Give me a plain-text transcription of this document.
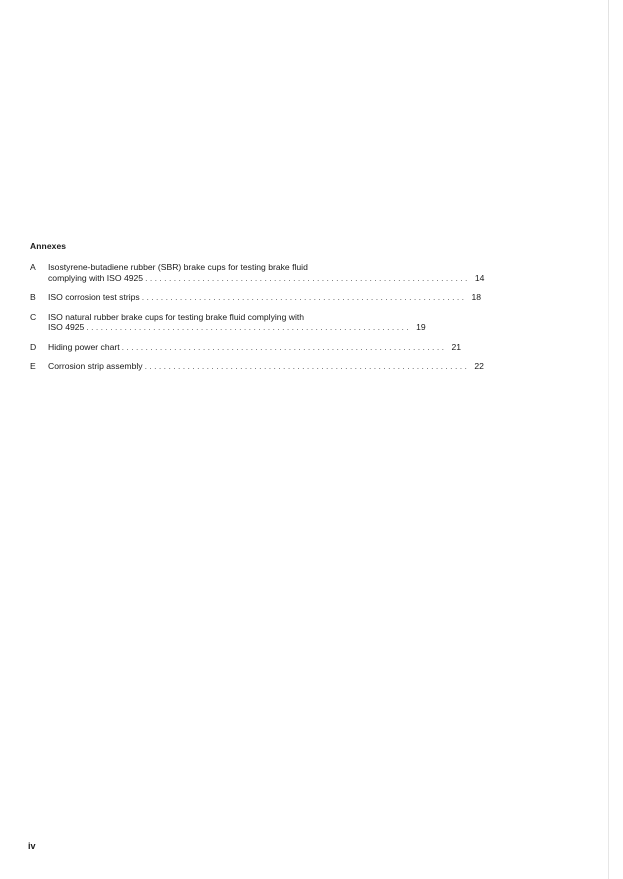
Annexes
A	Isostyrene-butadiene rubber (SBR) brake cups for testing brake fluid
complying with ISO 4925 . . .	14
B	ISO corrosion test strips . . .	18
C	ISO natural rubber brake cups for testing brake fluid complying with
ISO 4925 . . .	19
D	Hiding power chart . . .	21
E	Corrosion strip assembly . . .	22
iv
